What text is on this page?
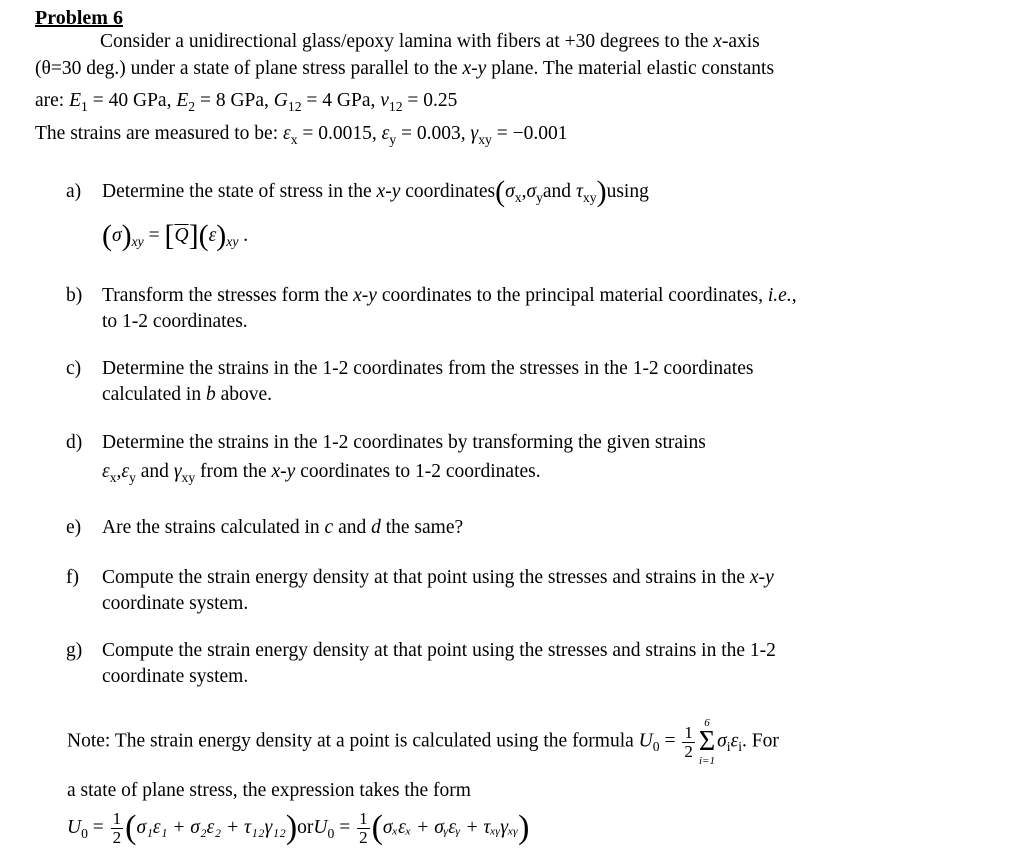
Problem 6
Consider a unidirectional glass/epoxy lamina with fibers at +30 degrees to the x-axis
(θ=30 deg.) under a state of plane stress parallel to the x-y plane. The material elastic constants
are: $E_1 = 40$ GPa, $E_2 = 8$ GPa, $G_{12} = 4$ GPa, $\nu_{12} = 0.25$
The strains are measured to be: $\varepsilon_x = 0.0015$, $\varepsilon_y = 0.003$, $\gamma_{xy} = -0.001$
a) Determine the state of stress in the x-y $coordinates(\sigma_x,\sigma_yand$ $\tau_{xy})using$
$(\sigma)_{xy} = [\overline{Q}](\varepsilon)_{xy}$ .
b) Transform the stresses form the x-y coordinates to the principal material coordinates, i.e.,
to 1-2 coordinates.
c) Determine the strains in the 1-2 coordinates from the stresses in the 1-2 coordinates
calculated in b above.
d) Determine the strains in the 1-2 coordinates by transforming the given strains
$\varepsilon_x,\varepsilon_y$ and $\gamma_{xy}$ from the x-y coordinates to 1-2 coordinates.
e) Are the strains calculated in c and d the same?
f) Compute the strain energy density at that point using the stresses and strains in the x-y
coordinate system.
g) Compute the strain energy density at that point using the stresses and strains in the 1-2
coordinate system.
Note: The strain energy density at a point is calculated using the formula $U_0 = \frac{1}{2}$
6
Σ
i=1
$\sigma_i\varepsilon_i$. For
a state of plane stress, the expression takes the form
$U_0 = \frac{1}{2} (\sigma_1\varepsilon_1 + \sigma_2\varepsilon_2 + \tau_{12}\gamma_{12})orU_0 = \frac{1}{2} (\sigma_x\varepsilon_x$ + σᵧεᵧ + τₓᵧγₓᵧ)
